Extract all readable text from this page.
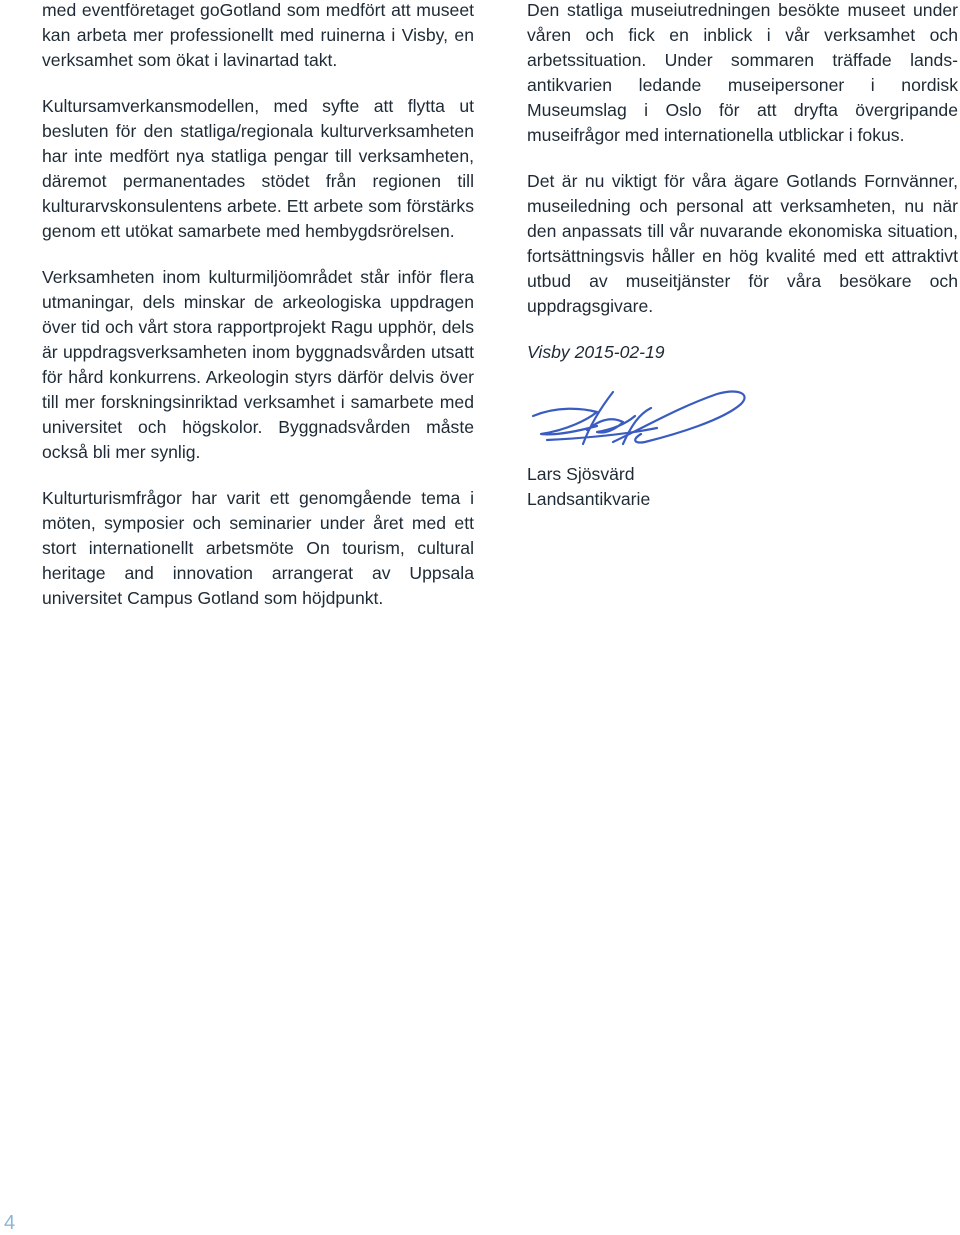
med eventföretaget goGotland som medfört att museet kan arbeta mer professionellt med ruinerna i Visby, en verksamhet som ökat i lavinartad takt.

Kultursamverkansmodellen, med syfte att flytta ut besluten för den statliga/regionala kulturverksamheten har inte medfört nya statliga pengar till verksamheten, däremot permanentades stödet från regionen till kulturarvskonsulentens arbete. Ett arbete som förstärks genom ett utökat samarbete med hembygdsrörelsen.

Verksamheten inom kulturmiljöområdet står inför flera utmaningar, dels minskar de arkeologiska uppdragen över tid och vårt stora rapportprojekt Ragu upphör, dels är uppdragsverksamheten inom byggnadsvården utsatt för hård konkurrens. Arkeologin styrs därför delvis över till mer forskningsinriktad verksamhet i samarbete med universitet och högskolor. Byggnadsvården måste också bli mer synlig.

Kulturturismfrågor har varit ett genomgående tema i möten, symposier och seminarier under året med ett stort internationellt arbetsmöte On tourism, cultural heritage and innovation arrangerat av Uppsala universitet Campus Gotland som höjdpunkt.

Den statliga museiutredningen besökte museet under våren och fick en inblick i vår verksamhet och arbetssituation. Under sommaren träffade landsantikvarien ledande museipersoner i nordisk Museumslag i Oslo för att dryfta övergripande museifrågor med internationella utblickar i fokus.

Det är nu viktigt för våra ägare Gotlands Fornvänner, museiledning och personal att verksamheten, nu när den anpassats till vår nuvarande ekonomiska situation, fortsättningsvis håller en hög kvalité med ett attraktivt utbud av museitjänster för våra besökare och uppdragsgivare.

Visby 2015-02-19

Lars Sjösvärd
Landsantikvarie
4
